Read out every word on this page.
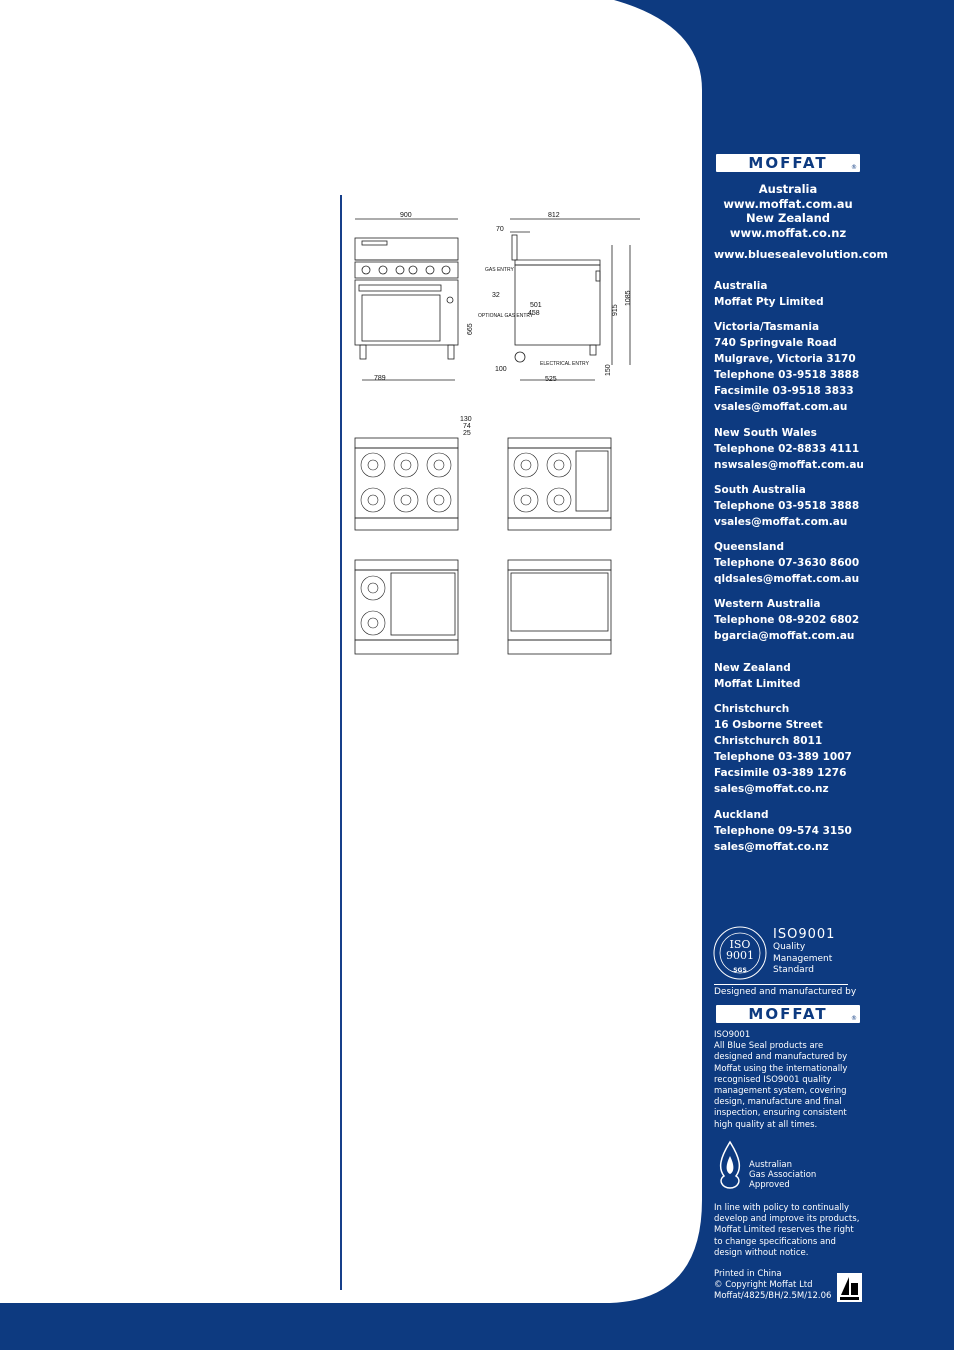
900
789
812
70
GAS ENTRY
32
501
458
OPTIONAL GAS ENTRY
665
915
1085
100
ELECTRICAL ENTRY
150
525
130
74
25
MOFFAT	$_®$
Australia
www.moffat.com.au
New Zealand
www.moffat.co.nz
www.bluesealevolution.com
Australia
Moffat Pty Limited
Victoria/Tasmania
740 Springvale Road
Mulgrave, Victoria 3170
Telephone 03-9518 3888
Facsimile 03-9518 3833
vsales@moffat.com.au
New South Wales
Telephone 02-8833 4111
nswsales@moffat.com.au
South Australia
Telephone 03-9518 3888
vsales@moffat.com.au
Queensland
Telephone 07-3630 8600
qldsales@moffat.com.au
Western Australia
Telephone 08-9202 6802
bgarcia@moffat.com.au
New Zealand
Moffat Limited
Christchurch
16 Osborne Street
Christchurch 8011
Telephone 03-389 1007
Facsimile 03-389 1276
sales@moffat.co.nz
Auckland
Telephone 09-574 3150
sales@moffat.co.nz
ISO
9001
SGS
ISO9001
Quality
Management
Standard
Designed and manufactured by
MOFFAT	$_®$
ISO9001
All Blue Seal products are
designed and manufactured by
Moffat using the internationally
recognised ISO9001 quality
management system, covering
design, manufacture and final
inspection, ensuring consistent
high quality at all times.
Australian
Gas Association
Approved
In line with policy to continually
develop and improve its products,
Moffat Limited reserves the right
to change specifications and
design without notice.
Printed in China
© Copyright Moffat Ltd
Moffat/4825/BH/2.5M/12.06
